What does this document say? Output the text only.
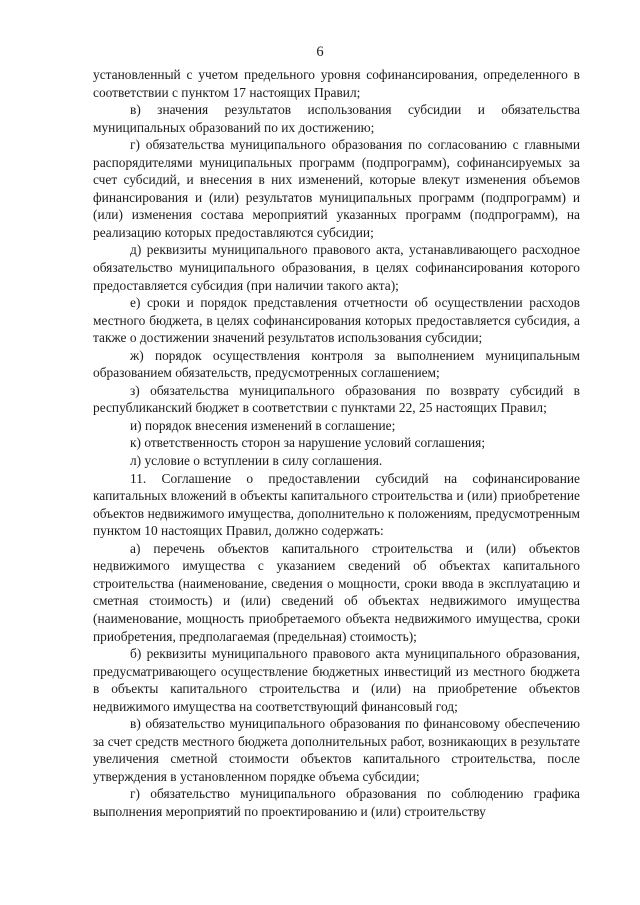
6

установленный с учетом предельного уровня софинансирования, определенного в соответствии с пунктом 17 настоящих Правил;

в) значения результатов использования субсидии и обязательства муниципальных образований по их достижению;

г) обязательства муниципального образования по согласованию с главными распорядителями муниципальных программ (подпрограмм), софинансируемых за счет субсидий, и внесения в них изменений, которые влекут изменения объемов финансирования и (или) результатов муниципальных программ (подпрограмм) и (или) изменения состава мероприятий указанных программ (подпрограмм), на реализацию которых предоставляются субсидии;

д) реквизиты муниципального правового акта, устанавливающего расходное обязательство муниципального образования, в целях софинансирования которого предоставляется субсидия (при наличии такого акта);

е) сроки и порядок представления отчетности об осуществлении расходов местного бюджета, в целях софинансирования которых предоставляется субсидия, а также о достижении значений результатов использования субсидии;

ж) порядок осуществления контроля за выполнением муниципальным образованием обязательств, предусмотренных соглашением;

з) обязательства муниципального образования по возврату субсидий в республиканский бюджет в соответствии с пунктами 22, 25 настоящих Правил;

и) порядок внесения изменений в соглашение;

к) ответственность сторон за нарушение условий соглашения;

л) условие о вступлении в силу соглашения.

11. Соглашение о предоставлении субсидий на софинансирование капитальных вложений в объекты капитального строительства и (или) приобретение объектов недвижимого имущества, дополнительно к положениям, предусмотренным пунктом 10 настоящих Правил, должно содержать:

а) перечень объектов капитального строительства и (или) объектов недвижимого имущества с указанием сведений об объектах капитального строительства (наименование, сведения о мощности, сроки ввода в эксплуатацию и сметная стоимость) и (или) сведений об объектах недвижимого имущества (наименование, мощность приобретаемого объекта недвижимого имущества, сроки приобретения, предполагаемая (предельная) стоимость);

б) реквизиты муниципального правового акта муниципального образования, предусматривающего осуществление бюджетных инвестиций из местного бюджета в объекты капитального строительства и (или) на приобретение объектов недвижимого имущества на соответствующий финансовый год;

в) обязательство муниципального образования по финансовому обеспечению за счет средств местного бюджета дополнительных работ, возникающих в результате увеличения сметной стоимости объектов капитального строительства, после утверждения в установленном порядке объема субсидии;

г) обязательство муниципального образования по соблюдению графика выполнения мероприятий по проектированию и (или) строительству
